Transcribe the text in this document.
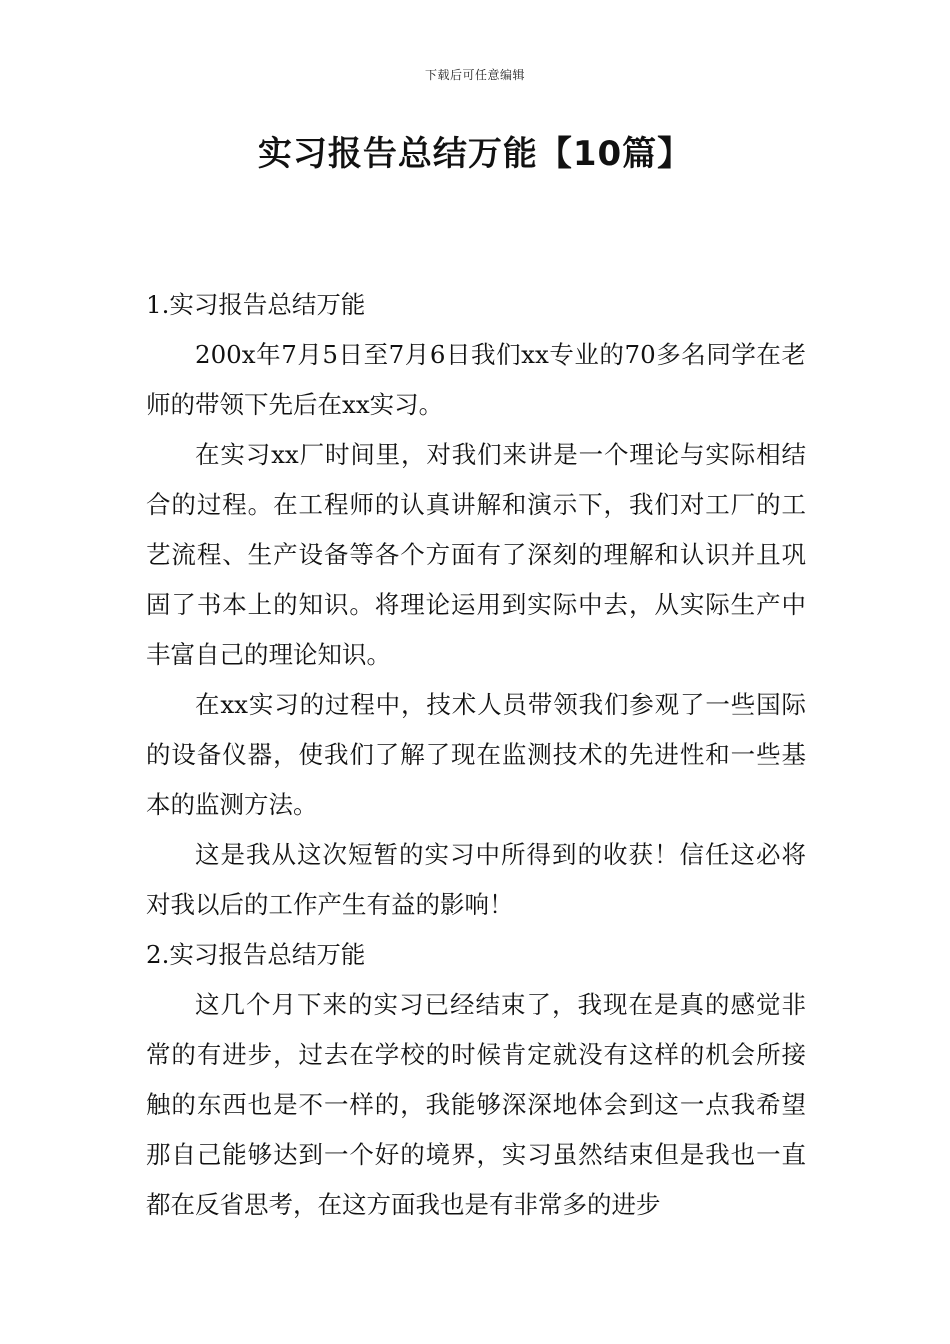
下载后可任意编辑
实习报告总结万能【10篇】

1.实习报告总结万能

200x年7月5日至7月6日我们xx专业的70多名同学在老师的带领下先后在xx实习。

在实习xx厂时间里，对我们来讲是一个理论与实际相结合的过程。在工程师的认真讲解和演示下，我们对工厂的工艺流程、生产设备等各个方面有了深刻的理解和认识并且巩固了书本上的知识。将理论运用到实际中去，从实际生产中丰富自己的理论知识。

在xx实习的过程中，技术人员带领我们参观了一些国际的设备仪器，使我们了解了现在监测技术的先进性和一些基本的监测方法。

这是我从这次短暂的实习中所得到的收获！信任这必将对我以后的工作产生有益的影响！

2.实习报告总结万能

这几个月下来的实习已经结束了，我现在是真的感觉非常的有进步，过去在学校的时候肯定就没有这样的机会所接触的东西也是不一样的，我能够深深地体会到这一点我希望那自己能够达到一个好的境界，实习虽然结束但是我也一直都在反省思考，在这方面我也是有非常多的进步
